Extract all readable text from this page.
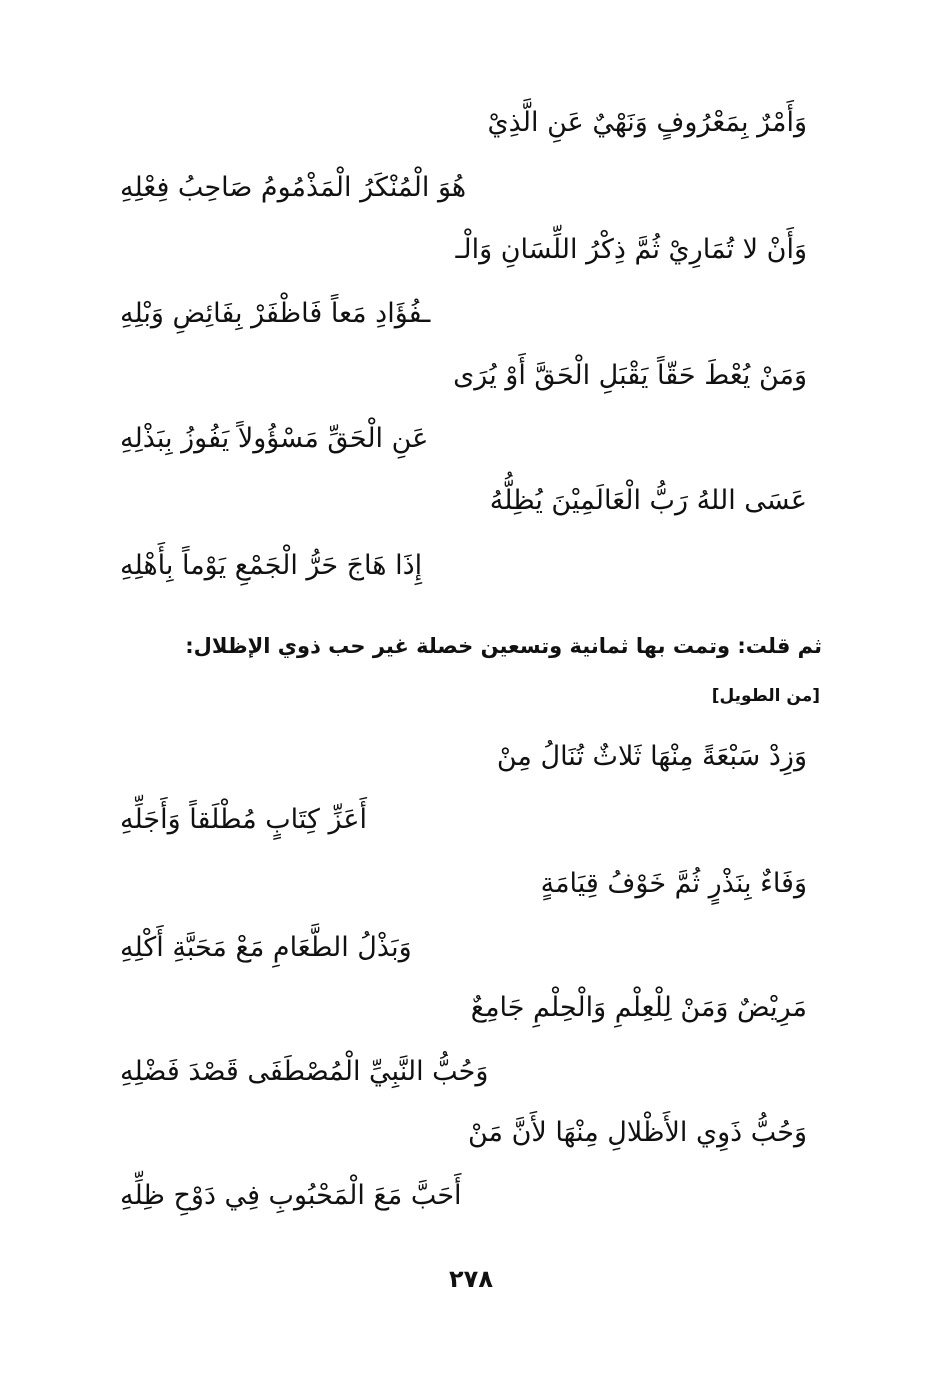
وَأَمْرٌ بِمَعْرُوفٍ وَنَهْيٌ عَنِ الَّذِيْ
هُوَ الْمُنْكَرُ الْمَذْمُومُ صَاحِبُ فِعْلِهِ
وَأَنْ لا تُمَارِيْ ثُمَّ ذِكْرُ اللِّسَانِ وَالْـ
ـفُؤَادِ مَعاً فَاظْفَرْ بِفَائِضِ وَبْلِهِ
وَمَنْ يُعْطَ حَقّاً يَقْبَلِ الْحَقَّ أَوْ يُرَى
عَنِ الْحَقِّ مَسْؤُولاً يَفُوزُ بِبَذْلِهِ
عَسَى اللهُ رَبُّ الْعَالَمِيْنَ يُظِلُّهُ
إِذَا هَاجَ حَرُّ الْجَمْعِ يَوْماً بِأَهْلِهِ
ثم قلت: وتمت بها ثمانية وتسعين خصلة غير حب ذوي الإظلال:
[من الطويل]
وَزِدْ سَبْعَةً مِنْهَا ثَلاثٌ تُنَالُ مِنْ
أَعَزِّ كِتَابٍ مُطْلَقاً وَأَجَلِّهِ
وَفَاءٌ بِنَذْرٍ ثُمَّ خَوْفُ قِيَامَةٍ
وَبَذْلُ الطَّعَامِ مَعْ مَحَبَّةِ أَكْلِهِ
مَرِيْضٌ وَمَنْ لِلْعِلْمِ وَالْحِلْمِ جَامِعٌ
وَحُبُّ النَّبِيِّ الْمُصْطَفَى قَصْدَ فَضْلِهِ
وَحُبُّ ذَوِي الأَظْلالِ مِنْهَا لأَنَّ مَنْ
أَحَبَّ مَعَ الْمَحْبُوبِ فِي دَوْحِ ظِلِّهِ
٢٧٨
